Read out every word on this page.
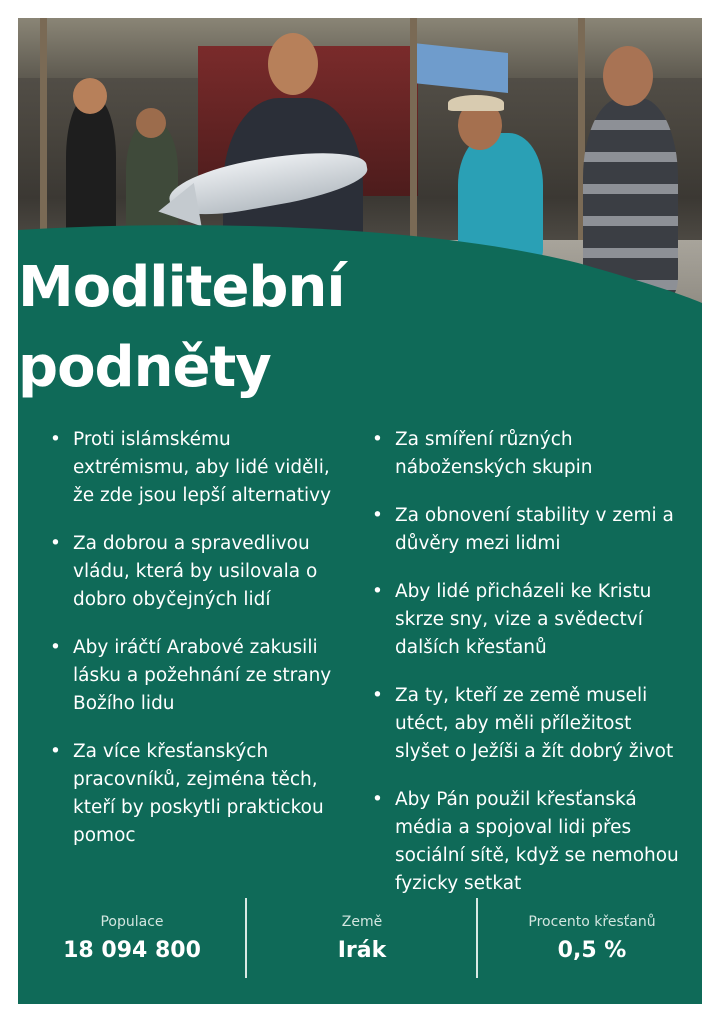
Modlitební
podněty
• Proti islámskému extrémismu, aby lidé viděli, že zde jsou lepší alternativy
• Za dobrou a spravedlivou vládu, která by usilovala o dobro obyčejných lidí
• Aby iráčtí Arabové zakusili lásku a požehnání ze strany Božího lidu
• Za více křesťanských pracovníků, zejména těch, kteří by poskytli praktickou pomoc
• Za smíření různých náboženských skupin
• Za obnovení stability v zemi a důvěry mezi lidmi
• Aby lidé přicházeli ke Kristu skrze sny, vize a svědectví dalších křesťanů
• Za ty, kteří ze země museli utéct, aby měli příležitost slyšet o Ježíši a žít dobrý život
• Aby Pán použil křesťanská média a spojoval lidi přes sociální sítě, když se nemohou fyzicky setkat
Populace
18 094 800
Země
Irák
Procento křesťanů
0,5 %
